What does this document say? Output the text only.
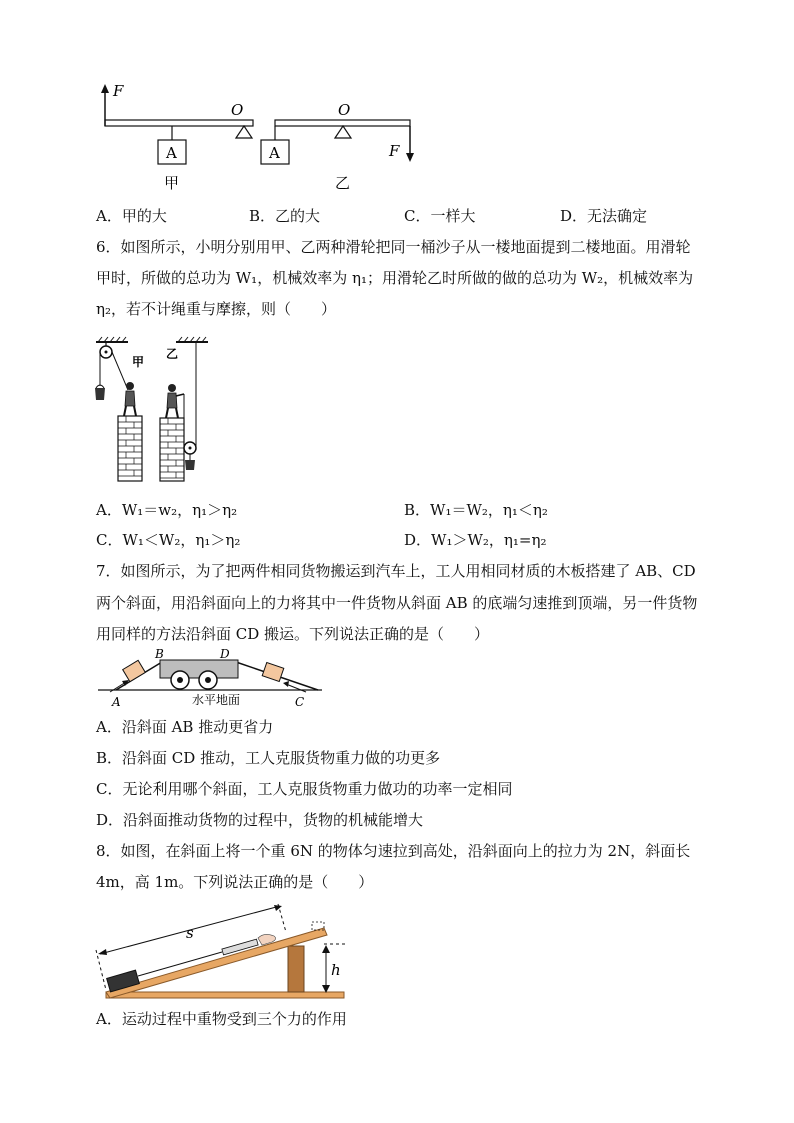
F
O
A
甲
O
A	F
乙
A．甲的大	B．乙的大	C．一样大	D．无法确定
6．如图所示，小明分别用甲、乙两种滑轮把同一桶沙子从一楼地面提到二楼地面。用滑轮
甲时，所做的总功为 W₁，机械效率为 η₁；用滑轮乙时所做的做的总功为 W₂，机械效率为
η₂，若不计绳重与摩擦，则（　　）
甲
乙
A．W₁＝w₂，η₁＞η₂	B．W₁＝W₂，η₁＜η₂
C．W₁＜W₂，η₁＞η₂	D．W₁＞W₂，η₁=η₂
7．如图所示，为了把两件相同货物搬运到汽车上，工人用相同材质的木板搭建了 AB、CD
两个斜面，用沿斜面向上的力将其中一件货物从斜面 AB 的底端匀速推到顶端，另一件货物
用同样的方法沿斜面 CD 搬运。下列说法正确的是（　　）
A
B
C
D
水平地面
A．沿斜面 AB 推动更省力
B．沿斜面 CD 推动，工人克服货物重力做的功更多
C．无论利用哪个斜面，工人克服货物重力做功的功率一定相同
D．沿斜面推动货物的过程中，货物的机械能增大
8．如图，在斜面上将一个重 6N 的物体匀速拉到高处，沿斜面向上的拉力为 2N，斜面长
4m，高 1m。下列说法正确的是（　　）
s
h
A．运动过程中重物受到三个力的作用
